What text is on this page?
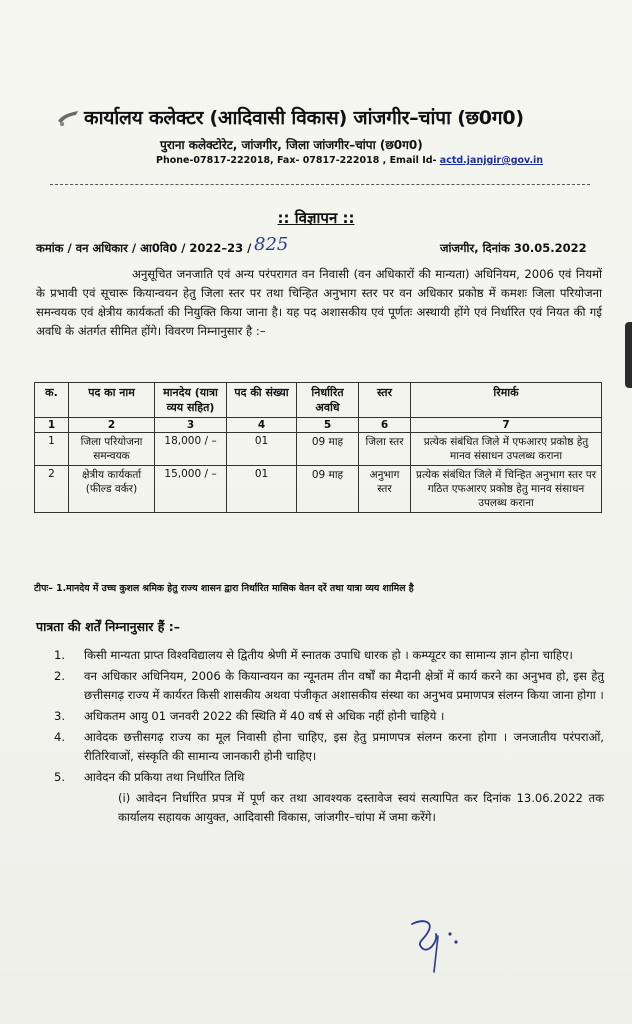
कार्यालय कलेक्टर (आदिवासी विकास) जांजगीर–चांपा (छ0ग0)
पुराना कलेक्टोरेट, जांजगीर, जिला जांजगीर–चांपा (छ0ग0)
Phone-07817-222018, Fax- 07817-222018 , Email Id- actd.janjgir@gov.in
:: विज्ञापन ::
कमांक / वन अधिकार / आ0वि0 / 2022–23 / 825	जांजगीर, दिनांक 30.05.2022
अनुसूचित जनजाति एवं अन्य परंपरागत वन निवासी (वन अधिकारों की मान्यता) अधिनियम, 2006 एवं नियमों के प्रभावी एवं सूचारू कियान्वयन हेतु जिला स्तर पर तथा चिन्हित अनुभाग स्तर पर वन अधिकार प्रकोष्ठ में कमशः जिला परियोजना समन्वयक एवं क्षेत्रीय कार्यकर्ता की नियुक्ति किया जाना है। यह पद अशासकीय एवं पूर्णतः अस्थायी होंगे एवं निर्धारित एवं नियत की गई अवधि के अंतर्गत सीमित होंगे। विवरण निम्नानुसार है :–
क.	पद का नाम	मानदेय (यात्रा व्यय सहित)	पद की संख्या	निर्धारित अवधि	स्तर	रिमार्क
1	2	3	4	5	6	7
1	जिला परियोजना समन्वयक	18,000 / –	01	09 माह	जिला स्तर	प्रत्येक संबंधित जिले में एफआरए प्रकोष्ठ हेतु मानव संसाधन उपलब्ध कराना
2	क्षेत्रीय कार्यकर्ता (फील्ड वर्कर)	15,000 / –	01	09 माह	अनुभाग स्तर	प्रत्येक संबंधित जिले में चिन्हित अनुभाग स्तर पर गठित एफआरए प्रकोष्ठ हेतु मानव संसाधन उपलब्ध कराना
टीपः– 1.मानदेय में उच्च कुशल श्रमिक हेतु राज्य शासन द्वारा निर्धारित मासिक वेतन दरें तथा यात्रा व्यय शामिल है
पात्रता की शर्तें निम्नानुसार हैं :–
1. किसी मान्यता प्राप्त विश्वविद्यालय से द्वितीय श्रेणी में स्नातक उपाधि धारक हो । कम्प्यूटर का सामान्य ज्ञान होना चाहिए।
2. वन अधिकार अधिनियम, 2006 के कियान्वयन का न्यूनतम तीन वर्षों का मैदानी क्षेत्रों में कार्य करने का अनुभव हो, इस हेतु छत्तीसगढ़ राज्य में कार्यरत किसी शासकीय अथवा पंजीकृत अशासकीय संस्था का अनुभव प्रमाणपत्र संलग्न किया जाना होगा ।
3. अधिकतम आयु 01 जनवरी 2022 की स्थिति में 40 वर्ष से अधिक नहीं होनी चाहिये ।
4. आवेदक छत्तीसगढ़ राज्य का मूल निवासी होना चाहिए, इस हेतु प्रमाणपत्र संलग्न करना होगा । जनजातीय परंपराओं, रीतिरिवाजों, संस्कृति की सामान्य जानकारी होनी चाहिए।
5. आवेदन की प्रकिया तथा निर्धारित तिथि
(i) आवेदन निर्धारित प्रपत्र में पूर्ण कर तथा आवश्यक दस्तावेज स्वयं सत्यापित कर दिनांक 13.06.2022 तक कार्यालय सहायक आयुक्त, आदिवासी विकास, जांजगीर–चांपा में जमा करेंगे।
